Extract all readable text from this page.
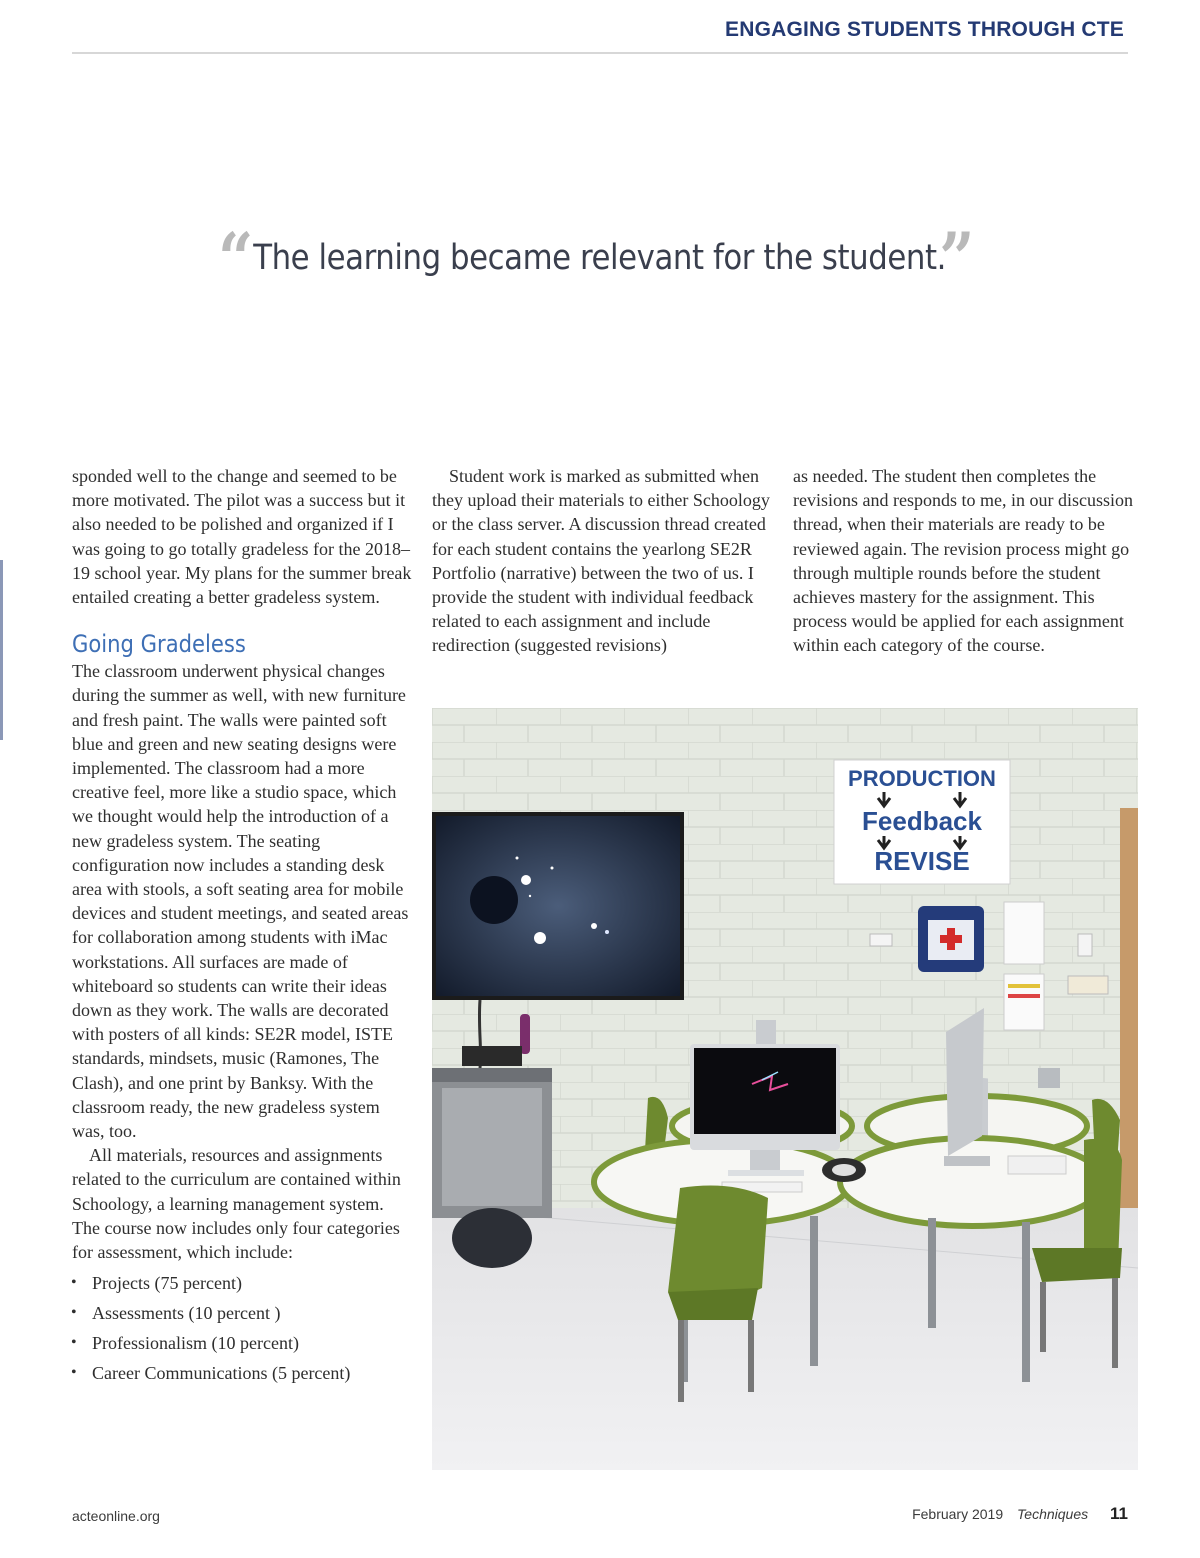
ENGAGING STUDENTS THROUGH CTE
“ The learning became relevant for the student.
”

sponded well to the change and seemed to be more motivated. The pilot was a success but it also needed to be polished and organized if I was going to go totally gradeless for the 2018–19 school year. My plans for the summer break entailed creating a better gradeless system.

Going Gradeless

The classroom underwent physical changes during the summer as well, with new furniture and fresh paint. The walls were painted soft blue and green and new seating designs were implemented. The classroom had a more creative feel, more like a studio space, which we thought would help the introduction of a new gradeless system. The seating configuration now includes a standing desk area with stools, a soft seating area for mobile devices and student meetings, and seated areas for collaboration among students with iMac workstations. All surfaces are made of whiteboard so students can write their ideas down as they work. The walls are decorated with posters of all kinds: SE2R model, ISTE standards, mindsets, music (Ramones, The Clash), and one print by Banksy. With the classroom ready, the new gradeless system was, too.

All materials, resources and assignments related to the curriculum are contained within Schoology, a learning management system. The course now includes only four categories for assessment, which include:

• Projects (75 percent)
• Assessments (10 percent )
• Professionalism (10 percent)
• Career Communications (5 percent)

Student work is marked as submitted when they upload their materials to either Schoology or the class server. A discussion thread created for each student contains the yearlong SE2R Portfolio (narrative) between the two of us. I provide the student with individual feedback related to each assignment and include redirection (suggested revisions)

as needed. The student then completes the revisions and responds to me, in our discussion thread, when their materials are ready to be reviewed again. The revision process might go through multiple rounds before the student achieves mastery for the assignment. This process would be applied for each assignment within each category of the course.

PRODUCTION
Feedback
REVISE
acteonline.org	February 2019 Techniques 11
